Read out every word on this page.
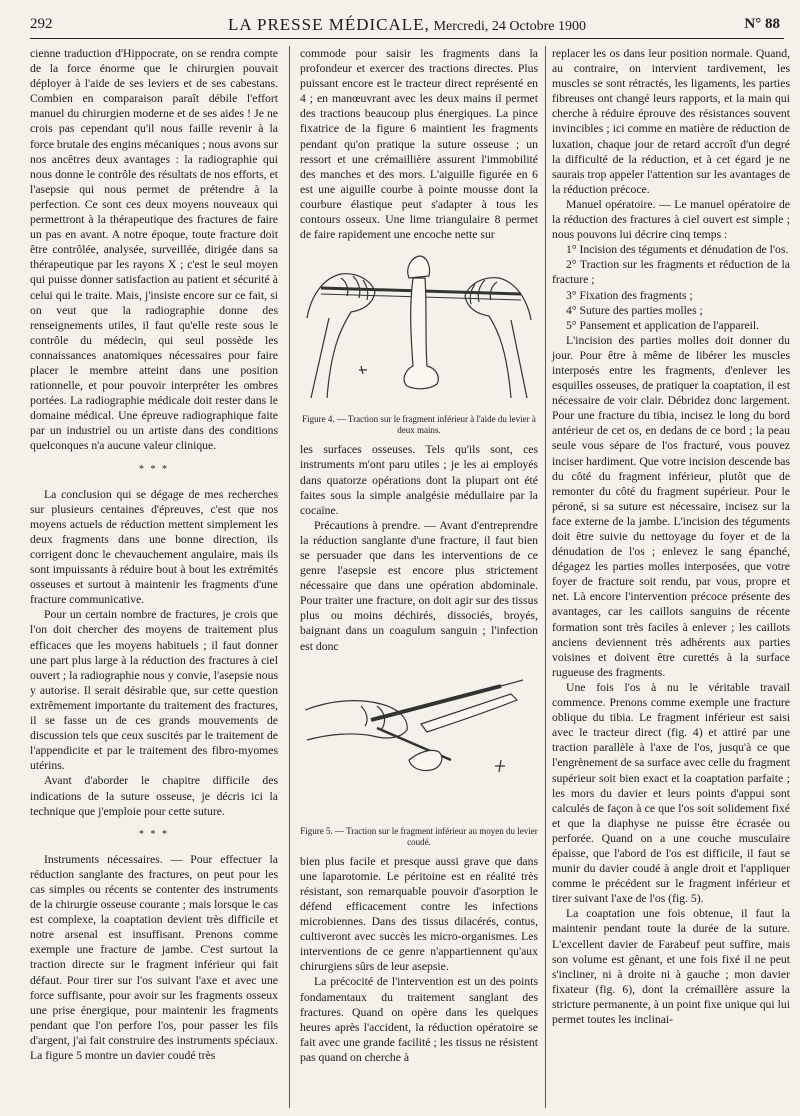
292	LA PRESSE MÉDICALE, Mercredi, 24 Octobre 1900	N° 88

cienne traduction d'Hippocrate, on se rendra compte de la force énorme que le chirurgien pouvait déployer à l'aide de ses leviers et de ses cabestans. Combien en comparaison paraît débile l'effort manuel du chirurgien moderne et de ses aides ! Je ne crois pas cependant qu'il nous faille revenir à la force brutale des engins mécaniques ; nous avons sur nos ancêtres deux avantages : la radiographie qui nous donne le contrôle des résultats de nos efforts, et l'asepsie qui nous permet de prétendre à la perfection. Ce sont ces deux moyens nouveaux qui permettront à la thérapeutique des fractures de faire un pas en avant. A notre époque, toute fracture doit être contrôlée, analysée, surveillée, dirigée dans sa thérapeutique par les rayons X ; c'est le seul moyen qui puisse donner satisfaction au patient et sécurité à celui qui le traite. Mais, j'insiste encore sur ce fait, si on veut que la radiographie donne des renseignements utiles, il faut qu'elle reste sous le contrôle du médecin, qui seul possède les connaissances anatomiques nécessaires pour faire placer le membre atteint dans une position rationnelle, et pour pouvoir interpréter les ombres portées. La radiographie médicale doit rester dans le domaine médical. Une épreuve radiographique faite par un industriel ou un artiste dans des conditions quelconques n'a aucune valeur clinique.

* * *

La conclusion qui se dégage de mes recherches sur plusieurs centaines d'épreuves, c'est que nos moyens actuels de réduction mettent simplement les deux fragments dans une bonne direction, ils corrigent donc le chevauchement angulaire, mais ils sont impuissants à réduire bout à bout les extrémités osseuses et surtout à maintenir les fragments d'une fracture communicative.

Pour un certain nombre de fractures, je crois que l'on doit chercher des moyens de traitement plus efficaces que les moyens habituels ; il faut donner une part plus large à la réduction des fractures à ciel ouvert ; la radiographie nous y convie, l'asepsie nous y autorise. Il serait désirable que, sur cette question extrêmement importante du traitement des fractures, il se fasse un de ces grands mouvements de discussion tels que ceux suscités par le traitement de l'appendicite et par le traitement des fibro-myomes utérins.

Avant d'aborder le chapitre difficile des indications de la suture osseuse, je décris ici la technique que j'emploie pour cette suture.

* * *

Instruments nécessaires. — Pour effectuer la réduction sanglante des fractures, on peut pour les cas simples ou récents se contenter des instruments de la chirurgie osseuse courante ; mais lorsque le cas est complexe, la coaptation devient très difficile et notre arsenal est insuffisant. Prenons comme exemple une fracture de jambe. C'est surtout la traction directe sur le fragment inférieur qui fait défaut. Pour tirer sur l'os suivant l'axe et avec une force suffisante, pour avoir sur les fragments osseux une prise énergique, pour maintenir les fragments pendant que l'on perfore l'os, pour passer les fils d'argent, j'ai fait construire des instruments spéciaux. La figure 5 montre un davier coudé très

commode pour saisir les fragments dans la profondeur et exercer des tractions directes. Plus puissant encore est le tracteur direct représenté en 4 ; en manœuvrant avec les deux mains il permet des tractions beaucoup plus énergiques. La pince fixatrice de la figure 6 maintient les fragments pendant qu'on pratique la suture osseuse ; un ressort et une crémaillière assurent l'immobilité des manches et des mors. L'aiguille figurée en 6 est une aiguille courbe à pointe mousse dont la courbure élastique peut s'adapter à tous les contours osseux. Une lime triangulaire 8 permet de faire rapidement une encoche nette sur

Figure 4. — Traction sur le fragment inférieur à l'aide du levier à deux mains.

les surfaces osseuses. Tels qu'ils sont, ces instruments m'ont paru utiles ; je les ai employés dans quatorze opérations dont la plupart ont été faites sous la simple analgésie médullaire par la cocaïne.

Précautions à prendre. — Avant d'entreprendre la réduction sanglante d'une fracture, il faut bien se persuader que dans les interventions de ce genre l'asepsie est encore plus strictement nécessaire que dans une opération abdominale. Pour traiter une fracture, on doit agir sur des tissus plus ou moins déchirés, dissociés, broyés, baignant dans un coagulum sanguin ; l'infection est donc

Figure 5. — Traction sur le fragment inférieur au moyen du levier coudé.

bien plus facile et presque aussi grave que dans une laparotomie. Le péritoine est en réalité très résistant, son remarquable pouvoir d'asorption le défend efficacement contre les infections microbiennes. Dans des tissus dilacérés, contus, cultiveront avec succès les micro-organismes. Les interventions de ce genre n'appartiennent qu'aux chirurgiens sûrs de leur asepsie.

La précocité de l'intervention est un des points fondamentaux du traitement sanglant des fractures. Quand on opère dans les quelques heures après l'accident, la réduction opératoire se fait avec une grande facilité ; les tissus ne résistent pas quand on cherche à

replacer les os dans leur position normale. Quand, au contraire, on intervient tardivement, les muscles se sont rétractés, les ligaments, les parties fibreuses ont changé leurs rapports, et la main qui cherche à réduire éprouve des résistances souvent invincibles ; ici comme en matière de réduction de luxation, chaque jour de retard accroît d'un degré la difficulté de la réduction, et à cet égard je ne saurais trop appeler l'attention sur les avantages de la réduction précoce.

Manuel opératoire. — Le manuel opératoire de la réduction des fractures à ciel ouvert est simple ; nous pouvons lui décrire cinq temps :

1° Incision des téguments et dénudation de l'os.

2° Traction sur les fragments et réduction de la fracture ;

3° Fixation des fragments ;

4° Suture des parties molles ;

5° Pansement et application de l'appareil.

L'incision des parties molles doit donner du jour. Pour être à même de libérer les muscles interposés entre les fragments, d'enlever les esquilles osseuses, de pratiquer la coaptation, il est nécessaire de voir clair. Débridez donc largement. Pour une fracture du tibia, incisez le long du bord antérieur de cet os, en dedans de ce bord ; la peau seule vous sépare de l'os fracturé, vous pouvez inciser hardiment. Que votre incision descende bas du côté du fragment inférieur, plutôt que de remonter du côté du fragment supérieur. Pour le péroné, si sa suture est nécessaire, incisez sur la face externe de la jambe. L'incision des téguments doit être suivie du nettoyage du foyer et de la dénudation de l'os ; enlevez le sang épanché, dégagez les parties molles interposées, que votre foyer de fracture soit rendu, par vous, propre et net. Là encore l'intervention précoce présente des avantages, car les caillots sanguins de récente formation sont très faciles à enlever ; les caillots anciens deviennent très adhérents aux parties voisines et doivent être curettés à la surface rugueuse des fragments.

Une fois l'os à nu le véritable travail commence. Prenons comme exemple une fracture oblique du tibia. Le fragment inférieur est saisi avec le tracteur direct (fig. 4) et attiré par une traction parallèle à l'axe de l'os, jusqu'à ce que l'engrènement de sa surface avec celle du fragment supérieur soit bien exact et la coaptation parfaite ; les mors du davier et leurs points d'appui sont calculés de façon à ce que l'os soit solidement fixé et que la diaphyse ne puisse être écrasée ou perforée. Quand on a une couche musculaire épaisse, que l'abord de l'os est difficile, il faut se munir du davier coudé à angle droit et l'appliquer comme le précédent sur le fragment inférieur et tirer suivant l'axe de l'os (fig. 5).

La coaptation une fois obtenue, il faut la maintenir pendant toute la durée de la suture. L'excellent davier de Farabeuf peut suffire, mais son volume est gênant, et une fois fixé il ne peut s'incliner, ni à droite ni à gauche ; mon davier fixateur (fig. 6), dont la crémaillère assure la stricture permanente, à un point fixe unique qui lui permet toutes les inclinai-
